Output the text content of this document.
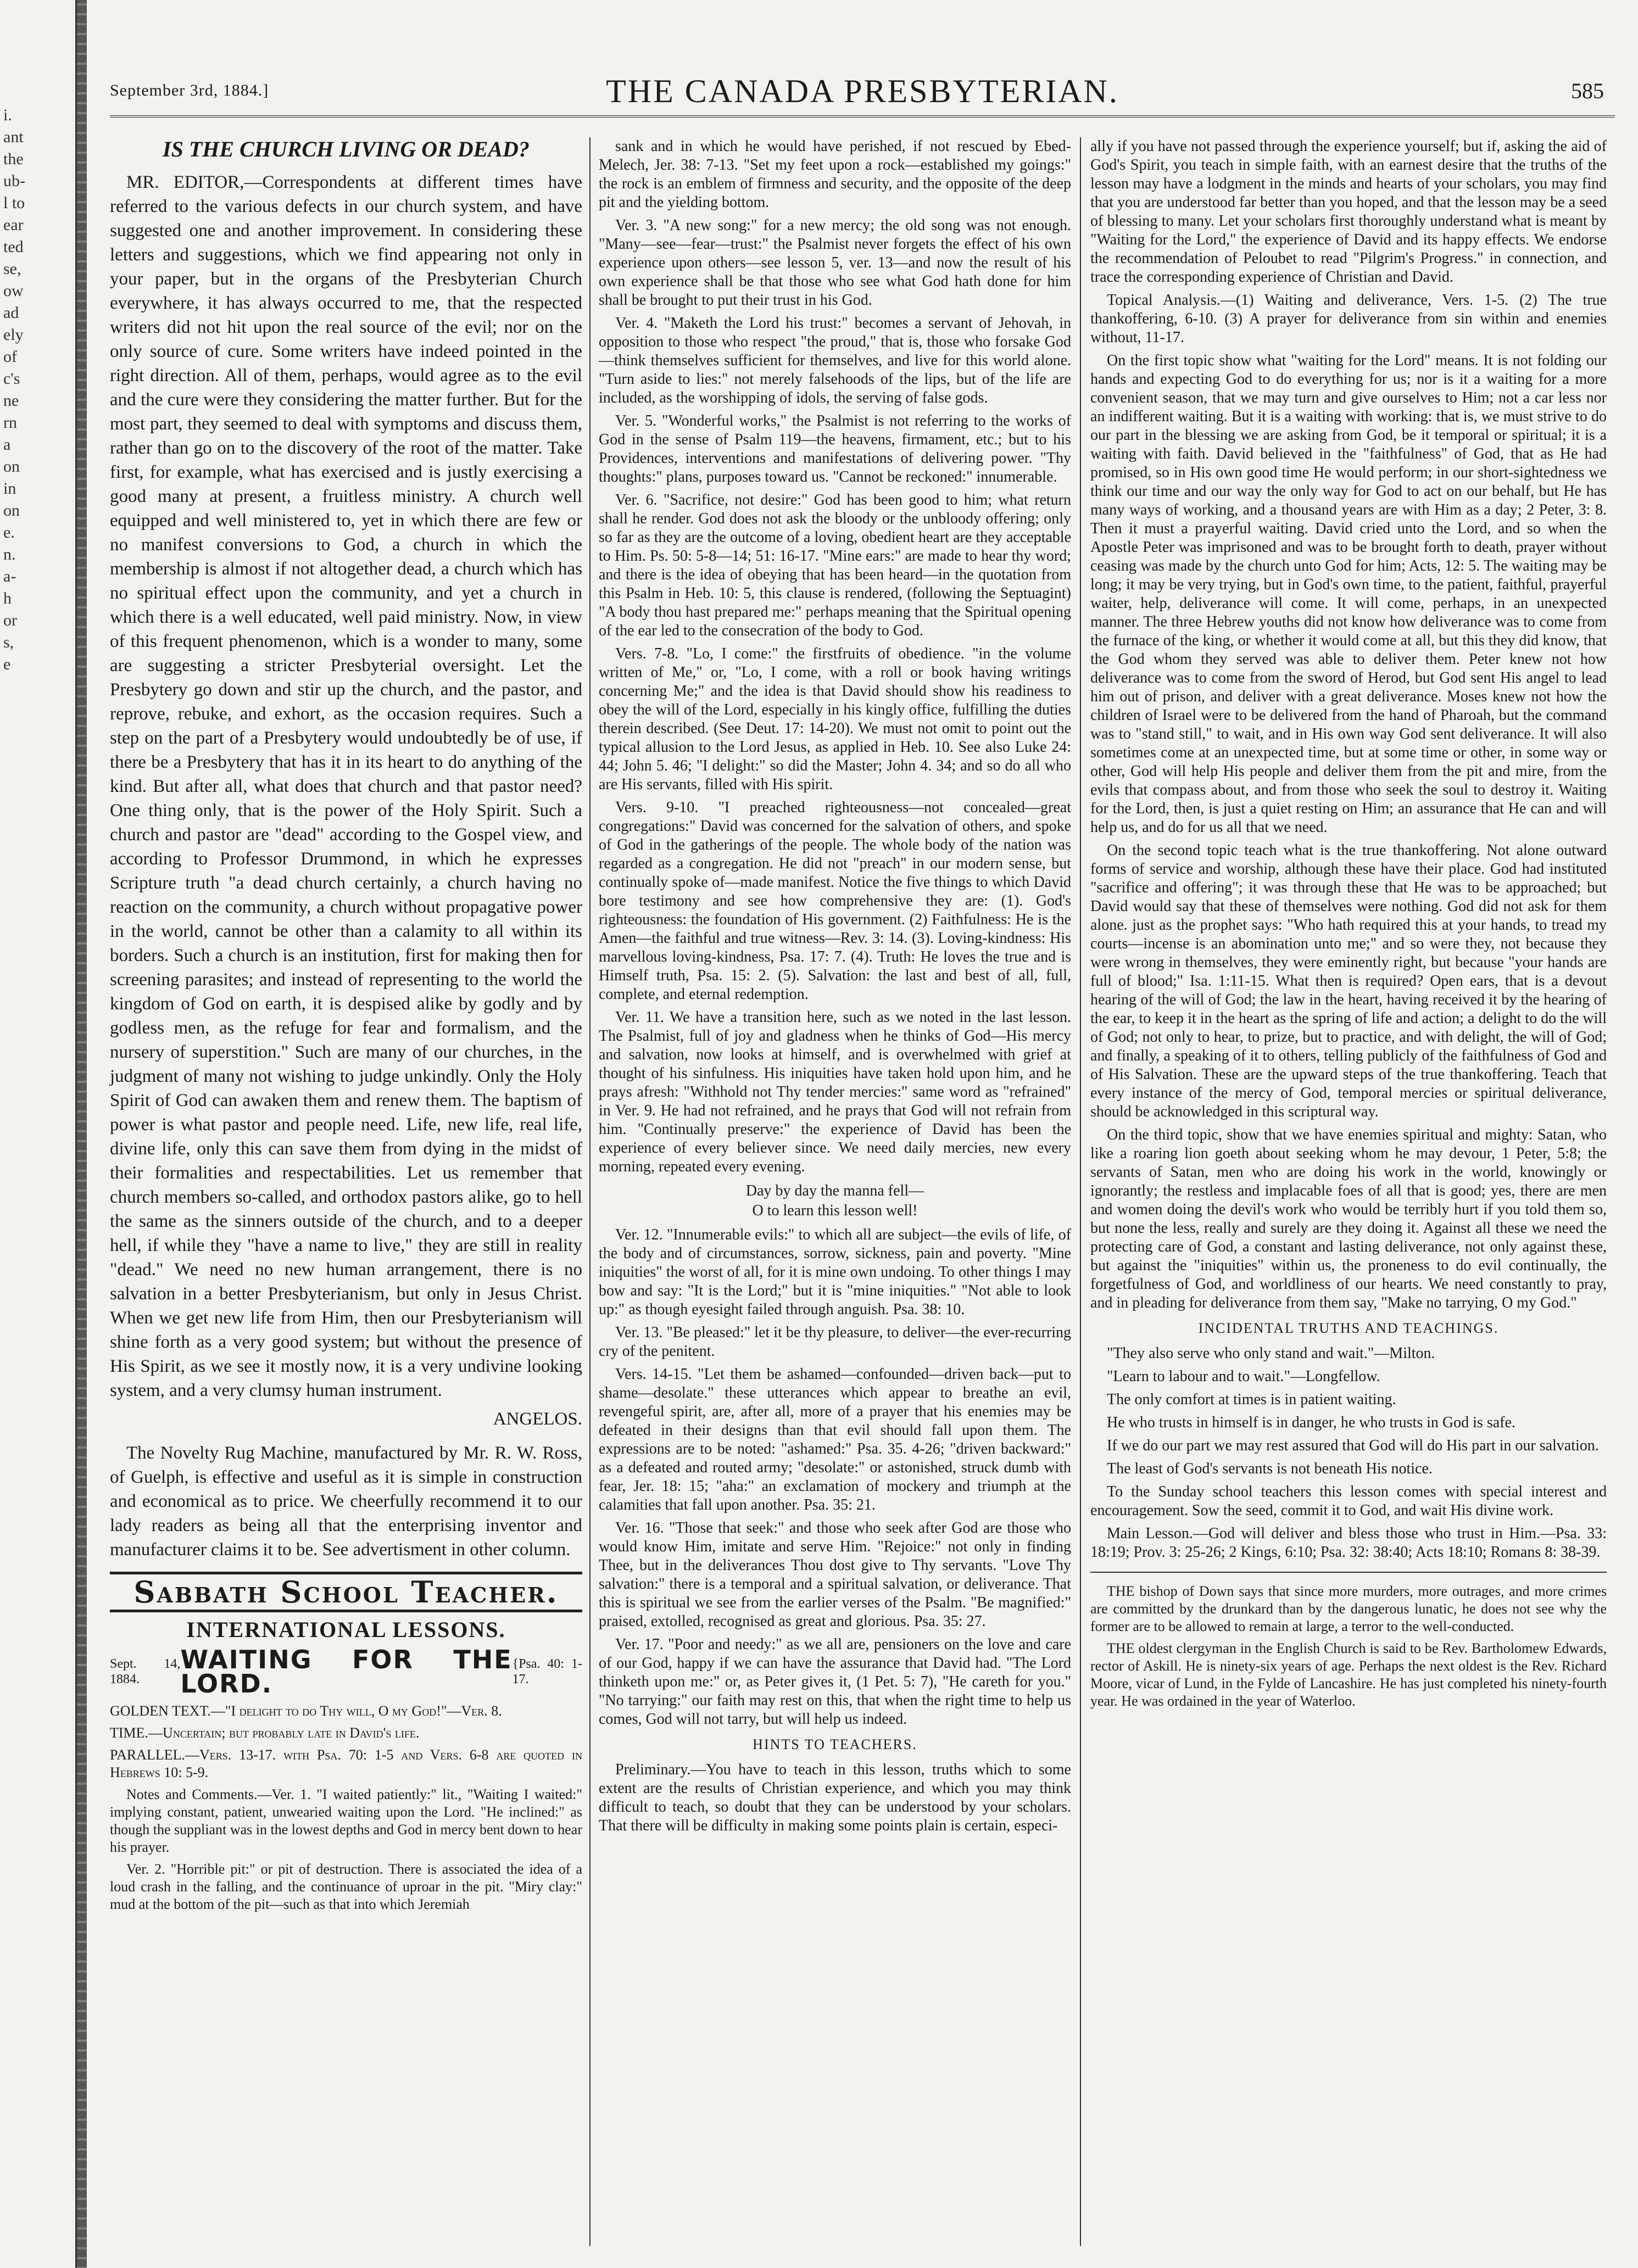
i.
ant
the
ub-
l to
ear
ted
se,
ow
ad
ely
of
c's
ne
rn
a
on
in
on
e.
n.
a-
h
or
s,
e
September 3rd, 1884.]	THE CANADA PRESBYTERIAN.	585

IS THE CHURCH LIVING OR DEAD?

MR. EDITOR,—Correspondents at different times have referred to the various defects in our church system, and have suggested one and another improvement. In considering these letters and suggestions, which we find appearing not only in your paper, but in the organs of the Presbyterian Church everywhere, it has always occurred to me, that the respected writers did not hit upon the real source of the evil; nor on the only source of cure. Some writers have indeed pointed in the right direction. All of them, perhaps, would agree as to the evil and the cure were they considering the matter further. But for the most part, they seemed to deal with symptoms and discuss them, rather than go on to the discovery of the root of the matter. Take first, for example, what has exercised and is justly exercising a good many at present, a fruitless ministry. A church well equipped and well ministered to, yet in which there are few or no manifest conversions to God, a church in which the membership is almost if not altogether dead, a church which has no spiritual effect upon the community, and yet a church in which there is a well educated, well paid ministry. Now, in view of this frequent phenomenon, which is a wonder to many, some are suggesting a stricter Presbyterial oversight. Let the Presbytery go down and stir up the church, and the pastor, and reprove, rebuke, and exhort, as the occasion requires. Such a step on the part of a Presbytery would undoubtedly be of use, if there be a Presbytery that has it in its heart to do anything of the kind. But after all, what does that church and that pastor need? One thing only, that is the power of the Holy Spirit. Such a church and pastor are "dead" according to the Gospel view, and according to Professor Drummond, in which he expresses Scripture truth "a dead church certainly, a church having no reaction on the community, a church without propagative power in the world, cannot be other than a calamity to all within its borders. Such a church is an institution, first for making then for screening parasites; and instead of representing to the world the kingdom of God on earth, it is despised alike by godly and by godless men, as the refuge for fear and formalism, and the nursery of superstition." Such are many of our churches, in the judgment of many not wishing to judge unkindly. Only the Holy Spirit of God can awaken them and renew them. The baptism of power is what pastor and people need. Life, new life, real life, divine life, only this can save them from dying in the midst of their formalities and respectabilities. Let us remember that church members so-called, and orthodox pastors alike, go to hell the same as the sinners outside of the church, and to a deeper hell, if while they "have a name to live," they are still in reality "dead." We need no new human arrangement, there is no salvation in a better Presbyterianism, but only in Jesus Christ. When we get new life from Him, then our Presbyterianism will shine forth as a very good system; but without the presence of His Spirit, as we see it mostly now, it is a very undivine looking system, and a very clumsy human instrument.

ANGELOS.

The Novelty Rug Machine, manufactured by Mr. R. W. Ross, of Guelph, is effective and useful as it is simple in construction and economical as to price. We cheerfully recommend it to our lady readers as being all that the enterprising inventor and manufacturer claims it to be. See advertisment in other column.

Sabbath School Teacher.
INTERNATIONAL LESSONS.
Sept. 14, 1884.
WAITING FOR THE LORD.
{Psa. 40: 1-17.

GOLDEN TEXT.—"I delight to do Thy will, O my God!"—Ver. 8.

TIME.—Uncertain; but probably late in David's life.

PARALLEL.—Vers. 13-17. with Psa. 70: 1-5 and Vers. 6-8 are quoted in Hebrews 10: 5-9.

Notes and Comments.—Ver. 1. "I waited patiently:" lit., "Waiting I waited:" implying constant, patient, unwearied waiting upon the Lord. "He inclined:" as though the suppliant was in the lowest depths and God in mercy bent down to hear his prayer.

Ver. 2. "Horrible pit:" or pit of destruction. There is associated the idea of a loud crash in the falling, and the continuance of uproar in the pit. "Miry clay:" mud at the bottom of the pit—such as that into which Jeremiah

sank and in which he would have perished, if not rescued by Ebed-Melech, Jer. 38: 7-13. "Set my feet upon a rock—established my goings:" the rock is an emblem of firmness and security, and the opposite of the deep pit and the yielding bottom.

Ver. 3. "A new song:" for a new mercy; the old song was not enough. "Many—see—fear—trust:" the Psalmist never forgets the effect of his own experience upon others—see lesson 5, ver. 13—and now the result of his own experience shall be that those who see what God hath done for him shall be brought to put their trust in his God.

Ver. 4. "Maketh the Lord his trust:" becomes a servant of Jehovah, in opposition to those who respect "the proud," that is, those who forsake God—think themselves sufficient for themselves, and live for this world alone. "Turn aside to lies:" not merely falsehoods of the lips, but of the life are included, as the worshipping of idols, the serving of false gods.

Ver. 5. "Wonderful works," the Psalmist is not referring to the works of God in the sense of Psalm 119—the heavens, firmament, etc.; but to his Providences, interventions and manifestations of delivering power. "Thy thoughts:" plans, purposes toward us. "Cannot be reckoned:" innumerable.

Ver. 6. "Sacrifice, not desire:" God has been good to him; what return shall he render. God does not ask the bloody or the unbloody offering; only so far as they are the outcome of a loving, obedient heart are they acceptable to Him. Ps. 50: 5-8—14; 51: 16-17. "Mine ears:" are made to hear thy word; and there is the idea of obeying that has been heard—in the quotation from this Psalm in Heb. 10: 5, this clause is rendered, (following the Septuagint) "A body thou hast prepared me:" perhaps meaning that the Spiritual opening of the ear led to the consecration of the body to God.

Vers. 7-8. "Lo, I come:" the firstfruits of obedience. "in the volume written of Me," or, "Lo, I come, with a roll or book having writings concerning Me;" and the idea is that David should show his readiness to obey the will of the Lord, especially in his kingly office, fulfilling the duties therein described. (See Deut. 17: 14-20). We must not omit to point out the typical allusion to the Lord Jesus, as applied in Heb. 10. See also Luke 24: 44; John 5. 46; "I delight:" so did the Master; John 4. 34; and so do all who are His servants, filled with His spirit.

Vers. 9-10. "I preached righteousness—not concealed—great congregations:" David was concerned for the salvation of others, and spoke of God in the gatherings of the people. The whole body of the nation was regarded as a congregation. He did not "preach" in our modern sense, but continually spoke of—made manifest. Notice the five things to which David bore testimony and see how comprehensive they are: (1). God's righteousness: the foundation of His government. (2) Faithfulness: He is the Amen—the faithful and true witness—Rev. 3: 14. (3). Loving-kindness: His marvellous loving-kindness, Psa. 17: 7. (4). Truth: He loves the true and is Himself truth, Psa. 15: 2. (5). Salvation: the last and best of all, full, complete, and eternal redemption.

Ver. 11. We have a transition here, such as we noted in the last lesson. The Psalmist, full of joy and gladness when he thinks of God—His mercy and salvation, now looks at himself, and is overwhelmed with grief at thought of his sinfulness. His iniquities have taken hold upon him, and he prays afresh: "Withhold not Thy tender mercies:" same word as "refrained" in Ver. 9. He had not refrained, and he prays that God will not refrain from him. "Continually preserve:" the experience of David has been the experience of every believer since. We need daily mercies, new every morning, repeated every evening.

Day by day the manna fell—
O to learn this lesson well!

Ver. 12. "Innumerable evils:" to which all are subject—the evils of life, of the body and of circumstances, sorrow, sickness, pain and poverty. "Mine iniquities" the worst of all, for it is mine own undoing. To other things I may bow and say: "It is the Lord;" but it is "mine iniquities." "Not able to look up:" as though eyesight failed through anguish. Psa. 38: 10.

Ver. 13. "Be pleased:" let it be thy pleasure, to deliver—the ever-recurring cry of the penitent.

Vers. 14-15. "Let them be ashamed—confounded—driven back—put to shame—desolate." these utterances which appear to breathe an evil, revengeful spirit, are, after all, more of a prayer that his enemies may be defeated in their designs than that evil should fall upon them. The expressions are to be noted: "ashamed:" Psa. 35. 4-26; "driven backward:" as a defeated and routed army; "desolate:" or astonished, struck dumb with fear, Jer. 18: 15; "aha:" an exclamation of mockery and triumph at the calamities that fall upon another. Psa. 35: 21.

Ver. 16. "Those that seek:" and those who seek after God are those who would know Him, imitate and serve Him. "Rejoice:" not only in finding Thee, but in the deliverances Thou dost give to Thy servants. "Love Thy salvation:" there is a temporal and a spiritual salvation, or deliverance. That this is spiritual we see from the earlier verses of the Psalm. "Be magnified:" praised, extolled, recognised as great and glorious. Psa. 35: 27.

Ver. 17. "Poor and needy:" as we all are, pensioners on the love and care of our God, happy if we can have the assurance that David had. "The Lord thinketh upon me:" or, as Peter gives it, (1 Pet. 5: 7), "He careth for you." "No tarrying:" our faith may rest on this, that when the right time to help us comes, God will not tarry, but will help us indeed.

HINTS TO TEACHERS.

Preliminary.—You have to teach in this lesson, truths which to some extent are the results of Christian experience, and which you may think difficult to teach, so doubt that they can be understood by your scholars. That there will be difficulty in making some points plain is certain, especi-

ally if you have not passed through the experience yourself; but if, asking the aid of God's Spirit, you teach in simple faith, with an earnest desire that the truths of the lesson may have a lodgment in the minds and hearts of your scholars, you may find that you are understood far better than you hoped, and that the lesson may be a seed of blessing to many. Let your scholars first thoroughly understand what is meant by "Waiting for the Lord," the experience of David and its happy effects. We endorse the recommendation of Peloubet to read "Pilgrim's Progress." in connection, and trace the corresponding experience of Christian and David.

Topical Analysis.—(1) Waiting and deliverance, Vers. 1-5. (2) The true thankoffering, 6-10. (3) A prayer for deliverance from sin within and enemies without, 11-17.

On the first topic show what "waiting for the Lord" means. It is not folding our hands and expecting God to do everything for us; nor is it a waiting for a more convenient season, that we may turn and give ourselves to Him; not a car less nor an indifferent waiting. But it is a waiting with working: that is, we must strive to do our part in the blessing we are asking from God, be it temporal or spiritual; it is a waiting with faith. David believed in the "faithfulness" of God, that as He had promised, so in His own good time He would perform; in our short-sightedness we think our time and our way the only way for God to act on our behalf, but He has many ways of working, and a thousand years are with Him as a day; 2 Peter, 3: 8. Then it must a prayerful waiting. David cried unto the Lord, and so when the Apostle Peter was imprisoned and was to be brought forth to death, prayer without ceasing was made by the church unto God for him; Acts, 12: 5. The waiting may be long; it may be very trying, but in God's own time, to the patient, faithful, prayerful waiter, help, deliverance will come. It will come, perhaps, in an unexpected manner. The three Hebrew youths did not know how deliverance was to come from the furnace of the king, or whether it would come at all, but this they did know, that the God whom they served was able to deliver them. Peter knew not how deliverance was to come from the sword of Herod, but God sent His angel to lead him out of prison, and deliver with a great deliverance. Moses knew not how the children of Israel were to be delivered from the hand of Pharoah, but the command was to "stand still," to wait, and in His own way God sent deliverance. It will also sometimes come at an unexpected time, but at some time or other, in some way or other, God will help His people and deliver them from the pit and mire, from the evils that compass about, and from those who seek the soul to destroy it. Waiting for the Lord, then, is just a quiet resting on Him; an assurance that He can and will help us, and do for us all that we need.

On the second topic teach what is the true thankoffering. Not alone outward forms of service and worship, although these have their place. God had instituted "sacrifice and offering"; it was through these that He was to be approached; but David would say that these of themselves were nothing. God did not ask for them alone. just as the prophet says: "Who hath required this at your hands, to tread my courts—incense is an abomination unto me;" and so were they, not because they were wrong in themselves, they were eminently right, but because "your hands are full of blood;" Isa. 1:11-15. What then is required? Open ears, that is a devout hearing of the will of God; the law in the heart, having received it by the hearing of the ear, to keep it in the heart as the spring of life and action; a delight to do the will of God; not only to hear, to prize, but to practice, and with delight, the will of God; and finally, a speaking of it to others, telling publicly of the faithfulness of God and of His Salvation. These are the upward steps of the true thankoffering. Teach that every instance of the mercy of God, temporal mercies or spiritual deliverance, should be acknowledged in this scriptural way.

On the third topic, show that we have enemies spiritual and mighty: Satan, who like a roaring lion goeth about seeking whom he may devour, 1 Peter, 5:8; the servants of Satan, men who are doing his work in the world, knowingly or ignorantly; the restless and implacable foes of all that is good; yes, there are men and women doing the devil's work who would be terribly hurt if you told them so, but none the less, really and surely are they doing it. Against all these we need the protecting care of God, a constant and lasting deliverance, not only against these, but against the "iniquities" within us, the proneness to do evil continually, the forgetfulness of God, and worldliness of our hearts. We need constantly to pray, and in pleading for deliverance from them say, "Make no tarrying, O my God."

INCIDENTAL TRUTHS AND TEACHINGS.

"They also serve who only stand and wait."—Milton.

"Learn to labour and to wait."—Longfellow.

The only comfort at times is in patient waiting.

He who trusts in himself is in danger, he who trusts in God is safe.

If we do our part we may rest assured that God will do His part in our salvation.

The least of God's servants is not beneath His notice.

To the Sunday school teachers this lesson comes with special interest and encouragement. Sow the seed, commit it to God, and wait His divine work.

Main Lesson.—God will deliver and bless those who trust in Him.—Psa. 33: 18:19; Prov. 3: 25-26; 2 Kings, 6:10; Psa. 32: 38:40; Acts 18:10; Romans 8: 38-39.

THE bishop of Down says that since more murders, more outrages, and more crimes are committed by the drunkard than by the dangerous lunatic, he does not see why the former are to be allowed to remain at large, a terror to the well-conducted.

THE oldest clergyman in the English Church is said to be Rev. Bartholomew Edwards, rector of Askill. He is ninety-six years of age. Perhaps the next oldest is the Rev. Richard Moore, vicar of Lund, in the Fylde of Lancashire. He has just completed his ninety-fourth year. He was ordained in the year of Waterloo.
